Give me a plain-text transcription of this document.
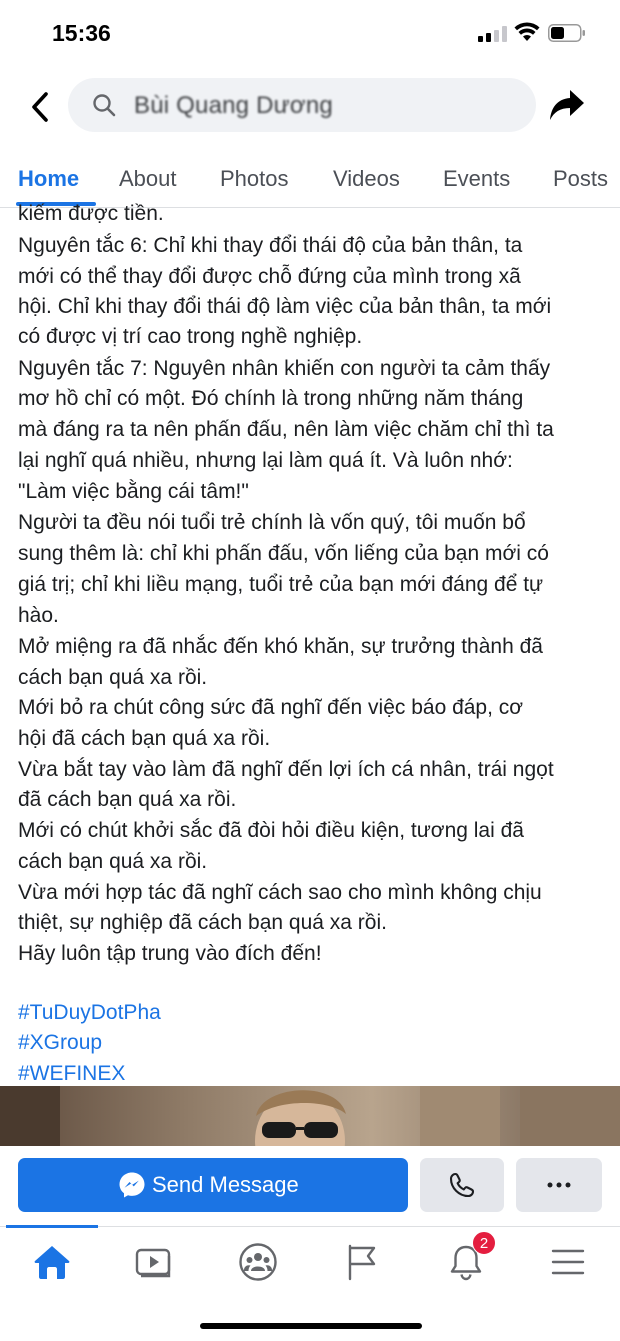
15:36
Bùi Quang Dương
Home About Photos Videos Events Posts
kiếm được tiền.
Nguyên tắc 6: Chỉ khi thay đổi thái độ của bản thân, ta
mới có thể thay đổi được chỗ đứng của mình trong xã
hội. Chỉ khi thay đổi thái độ làm việc của bản thân, ta mới
có được vị trí cao trong nghề nghiệp.
Nguyên tắc 7: Nguyên nhân khiến con người ta cảm thấy
mơ hồ chỉ có một. Đó chính là trong những năm tháng
mà đáng ra ta nên phấn đấu, nên làm việc chăm chỉ thì ta
lại nghĩ quá nhiều, nhưng lại làm quá ít. Và luôn nhớ:
"Làm việc bằng cái tâm!"
Người ta đều nói tuổi trẻ chính là vốn quý, tôi muốn bổ
sung thêm là: chỉ khi phấn đấu, vốn liếng của bạn mới có
giá trị; chỉ khi liều mạng, tuổi trẻ của bạn mới đáng để tự
hào.
Mở miệng ra đã nhắc đến khó khăn, sự trưởng thành đã
cách bạn quá xa rồi.
Mới bỏ ra chút công sức đã nghĩ đến việc báo đáp, cơ
hội đã cách bạn quá xa rồi.
Vừa bắt tay vào làm đã nghĩ đến lợi ích cá nhân, trái ngọt
đã cách bạn quá xa rồi.
Mới có chút khởi sắc đã đòi hỏi điều kiện, tương lai đã
cách bạn quá xa rồi.
Vừa mới hợp tác đã nghĩ cách sao cho mình không chịu
thiệt, sự nghiệp đã cách bạn quá xa rồi.
Hãy luôn tập trung vào đích đến!
#TuDuyDotPha
#XGroup
#WEFINEX
Send Message
2
